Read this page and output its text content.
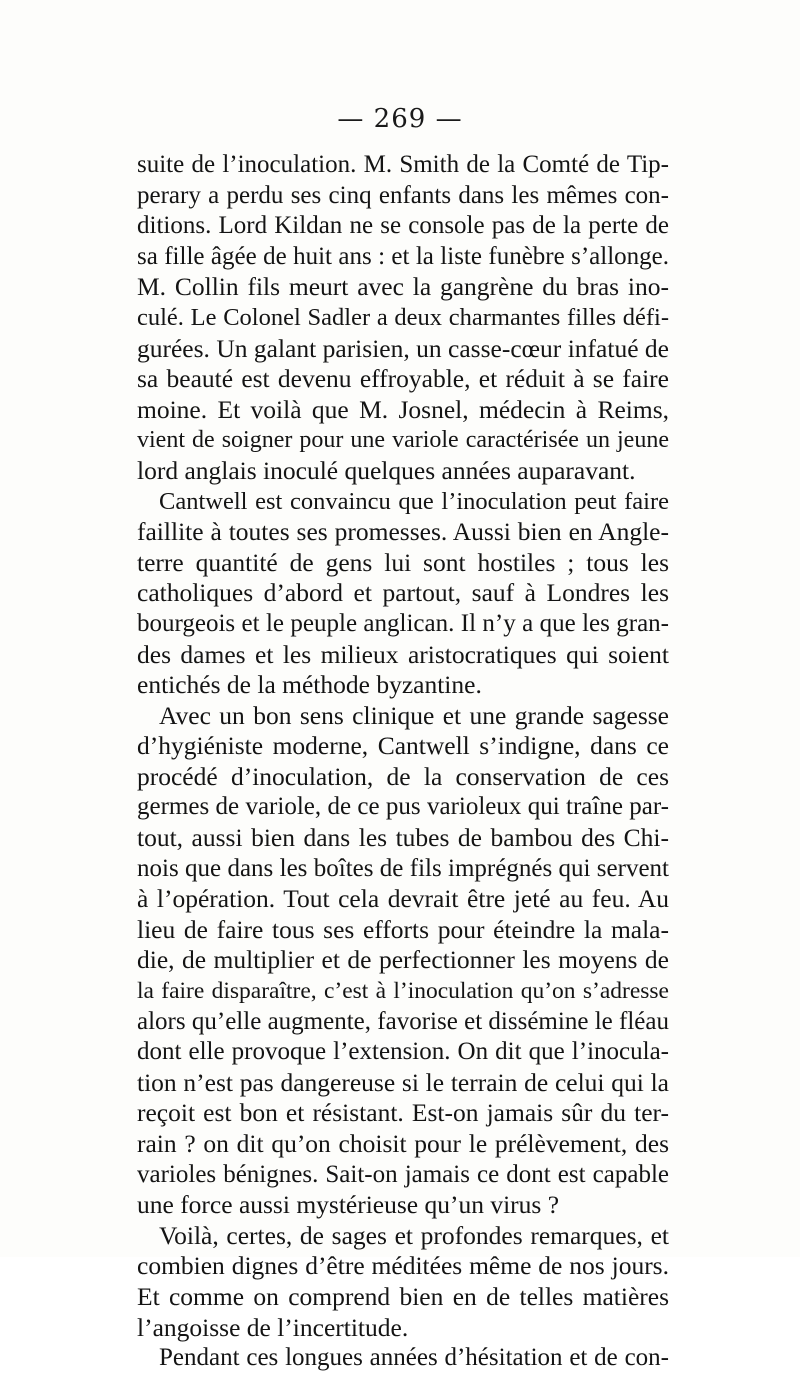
— 269 —
suite de l’inoculation. M. Smith de la Comté de Tip-
perary a perdu ses cinq enfants dans les mêmes con-
ditions. Lord Kildan ne se console pas de la perte de
sa fille âgée de huit ans : et la liste funèbre s’allonge.
M. Collin fils meurt avec la gangrène du bras ino-
culé. Le Colonel Sadler a deux charmantes filles défi-
gurées. Un galant parisien, un casse-cœur infatué de
sa beauté est devenu effroyable, et réduit à se faire
moine. Et voilà que M. Josnel, médecin à Reims,
vient de soigner pour une variole caractérisée un jeune
lord anglais inoculé quelques années auparavant.
Cantwell est convaincu que l’inoculation peut faire
faillite à toutes ses promesses. Aussi bien en Angle-
terre quantité de gens lui sont hostiles ; tous les
catholiques d’abord et partout, sauf à Londres les
bourgeois et le peuple anglican. Il n’y a que les gran-
des dames et les milieux aristocratiques qui soient
entichés de la méthode byzantine.
Avec un bon sens clinique et une grande sagesse
d’hygiéniste moderne, Cantwell s’indigne, dans ce
procédé d’inoculation, de la conservation de ces
germes de variole, de ce pus varioleux qui traîne par-
tout, aussi bien dans les tubes de bambou des Chi-
nois que dans les boîtes de fils imprégnés qui servent
à l’opération. Tout cela devrait être jeté au feu. Au
lieu de faire tous ses efforts pour éteindre la mala-
die, de multiplier et de perfectionner les moyens de
la faire disparaître, c’est à l’inoculation qu’on s’adresse
alors qu’elle augmente, favorise et dissémine le fléau
dont elle provoque l’extension. On dit que l’inocula-
tion n’est pas dangereuse si le terrain de celui qui la
reçoit est bon et résistant. Est-on jamais sûr du ter-
rain ? on dit qu’on choisit pour le prélèvement, des
varioles bénignes. Sait-on jamais ce dont est capable
une force aussi mystérieuse qu’un virus ?
Voilà, certes, de sages et profondes remarques, et
combien dignes d’être méditées même de nos jours.
Et comme on comprend bien en de telles matières
l’angoisse de l’incertitude.
Pendant ces longues années d’hésitation et de con-
